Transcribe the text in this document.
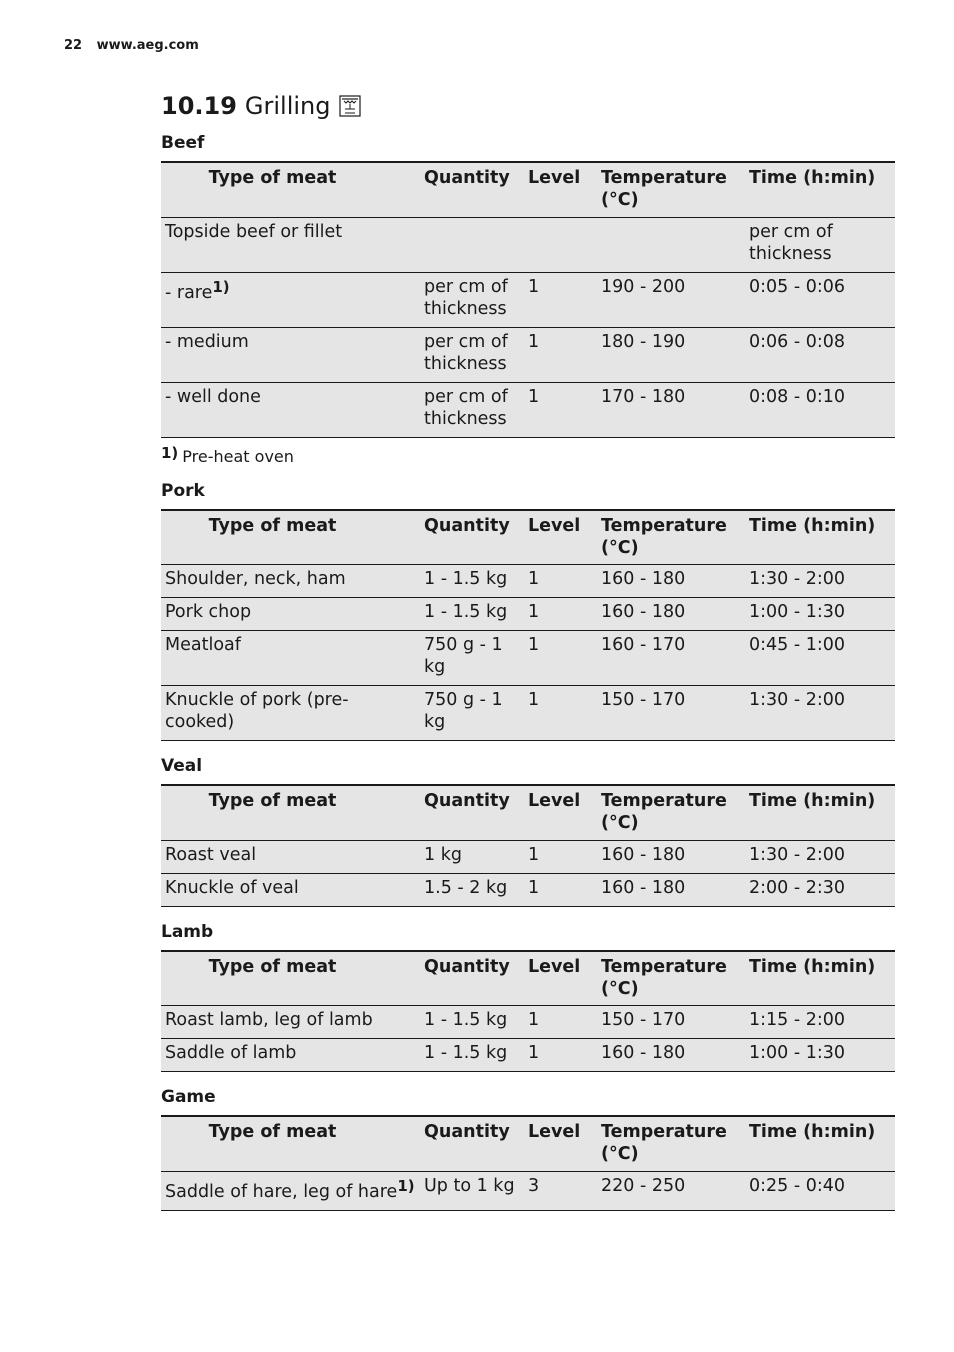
22 www.aeg.com
10.19 Grilling
Beef
Type of meat	Quantity	Level	Temperature (°C)	Time (h:min)
Topside beef or fillet				per cm of thickness
- rare1)	per cm of thickness	1	190 - 200	0:05 - 0:06
- medium	per cm of thickness	1	180 - 190	0:06 - 0:08
- well done	per cm of thickness	1	170 - 180	0:08 - 0:10
1) Pre-heat oven
Pork
Type of meat	Quantity	Level	Temperature (°C)	Time (h:min)
Shoulder, neck, ham	1 - 1.5 kg	1	160 - 180	1:30 - 2:00
Pork chop	1 - 1.5 kg	1	160 - 180	1:00 - 1:30
Meatloaf	750 g - 1 kg	1	160 - 170	0:45 - 1:00
Knuckle of pork (pre-cooked)	750 g - 1 kg	1	150 - 170	1:30 - 2:00
Veal
Type of meat	Quantity	Level	Temperature (°C)	Time (h:min)
Roast veal	1 kg	1	160 - 180	1:30 - 2:00
Knuckle of veal	1.5 - 2 kg	1	160 - 180	2:00 - 2:30
Lamb
Type of meat	Quantity	Level	Temperature (°C)	Time (h:min)
Roast lamb, leg of lamb	1 - 1.5 kg	1	150 - 170	1:15 - 2:00
Saddle of lamb	1 - 1.5 kg	1	160 - 180	1:00 - 1:30
Game
Type of meat	Quantity	Level	Temperature (°C)	Time (h:min)
Saddle of hare, leg of hare1)	Up to 1 kg	3	220 - 250	0:25 - 0:40
